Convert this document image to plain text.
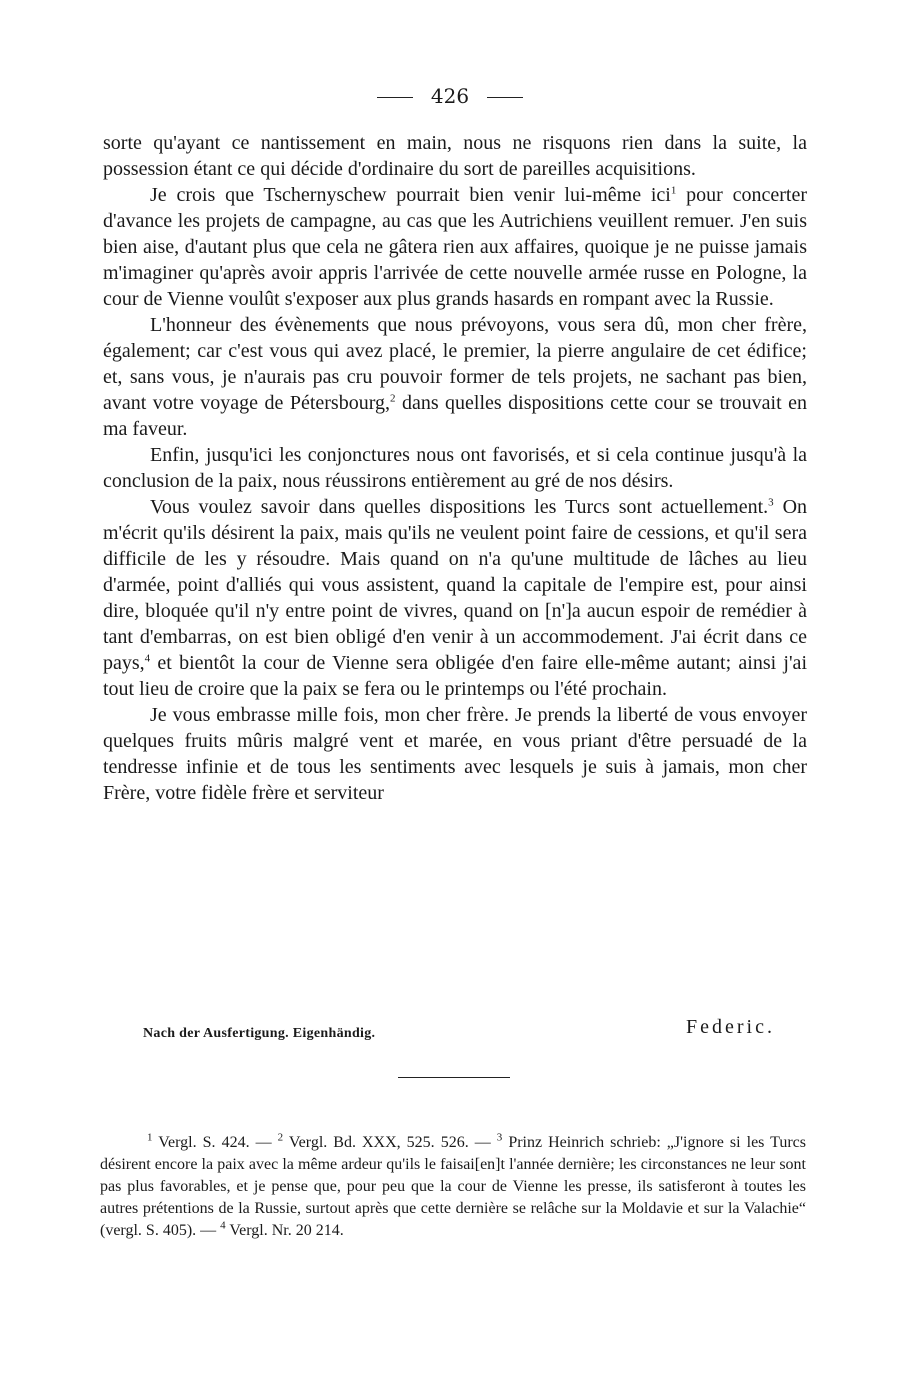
426

sorte qu'ayant ce nantissement en main, nous ne risquons rien dans la suite, la possession étant ce qui décide d'ordinaire du sort de pareilles acquisitions.

Je crois que Tschernyschew pourrait bien venir lui-même ici$^1$ pour concerter d'avance les projets de campagne, au cas que les Autrichiens veuillent remuer. J'en suis bien aise, d'autant plus que cela ne gâtera rien aux affaires, quoique je ne puisse jamais m'imaginer qu'après avoir appris l'arrivée de cette nouvelle armée russe en Pologne, la cour de Vienne voulût s'exposer aux plus grands hasards en rompant avec la Russie.

L'honneur des évènements que nous prévoyons, vous sera dû, mon cher frère, également; car c'est vous qui avez placé, le premier, la pierre angulaire de cet édifice; et, sans vous, je n'aurais pas cru pouvoir former de tels projets, ne sachant pas bien, avant votre voyage de Pétersbourg,$^2$ dans quelles dispositions cette cour se trouvait en ma faveur.

Enfin, jusqu'ici les conjonctures nous ont favorisés, et si cela continue jusqu'à la conclusion de la paix, nous réussirons entièrement au gré de nos désirs.

Vous voulez savoir dans quelles dispositions les Turcs sont actuellement.$^3$ On m'écrit qu'ils désirent la paix, mais qu'ils ne veulent point faire de cessions, et qu'il sera difficile de les y résoudre. Mais quand on n'a qu'une multitude de lâches au lieu d'armée, point d'alliés qui vous assistent, quand la capitale de l'empire est, pour ainsi dire, bloquée qu'il n'y entre point de vivres, quand on [n']a aucun espoir de remédier à tant d'embarras, on est bien obligé d'en venir à un accommodement. J'ai écrit dans ce pays,$^4$ et bientôt la cour de Vienne sera obligée d'en faire elle-même autant; ainsi j'ai tout lieu de croire que la paix se fera ou le printemps ou l'été prochain.

Je vous embrasse mille fois, mon cher frère. Je prends la liberté de vous envoyer quelques fruits mûris malgré vent et marée, en vous priant d'être persuadé de la tendresse infinie et de tous les sentiments avec lesquels je suis à jamais, mon cher Frère, votre fidèle frère et serviteur

Nach der Ausfertigung. Eigenhändig.	Federic.

$^1$ Vergl. S. 424. — $^2$ Vergl. Bd. XXX, 525. 526. — $^3$ Prinz Heinrich schrieb: „J'ignore si les Turcs désirent encore la paix avec la même ardeur qu'ils le faisai[en]t l'année dernière; les circonstances ne leur sont pas plus favorables, et je pense que, pour peu que la cour de Vienne les presse, ils satisferont à toutes les autres prétentions de la Russie, surtout après que cette dernière se relâche sur la Moldavie et sur la Valachie“ (vergl. S. 405). — $^4$ Vergl. Nr. 20 214.
